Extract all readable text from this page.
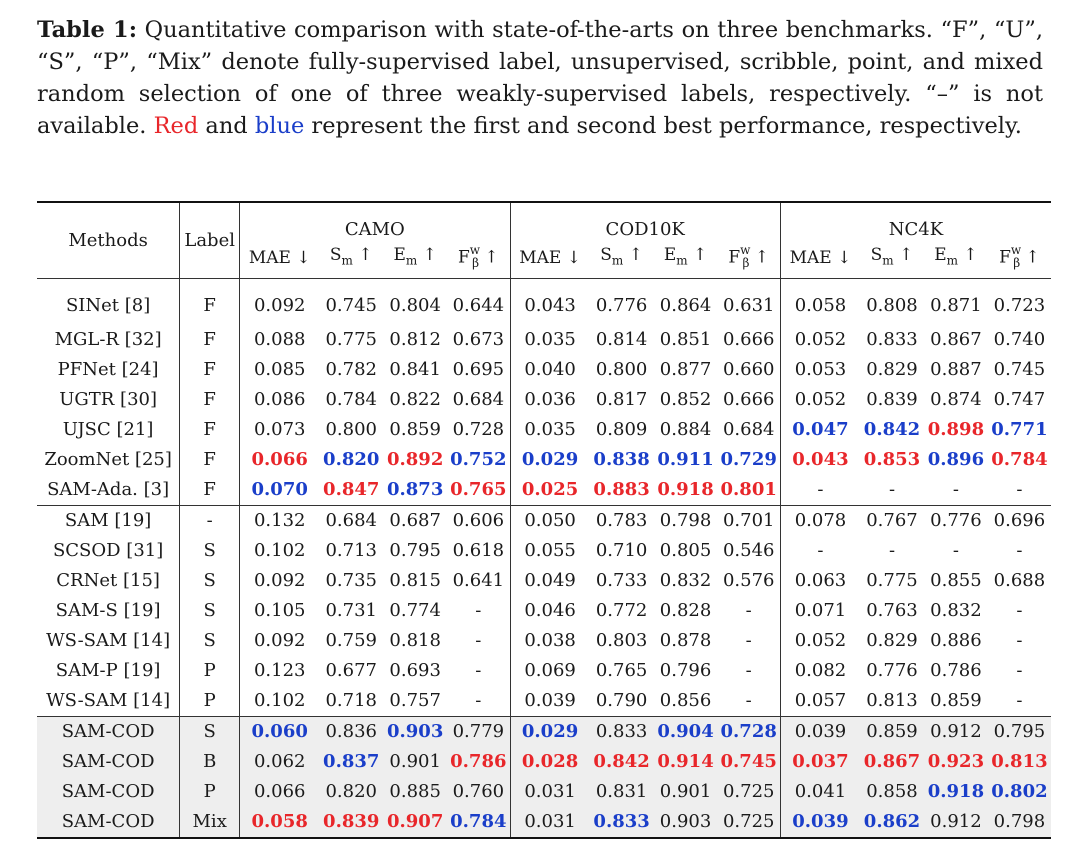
Table 1: Quantitative comparison with state-of-the-arts on three benchmarks. “F”, “U”, “S”, “P”, “Mix” denote fully-supervised label, unsupervised, scribble, point, and mixed random selection of one of three weakly-supervised labels, respectively. “–” is not available. Red and blue represent the first and second best performance, respectively.
Methods	Label	CAMO				COD10K				NC4K			
		MAE ↓	$S_m$ ↑	$E_m$ ↑	$F^w_\beta$ ↑	MAE ↓	$S_m$ ↑	$E_m$ ↑	$F^w_\beta$ ↑	MAE ↓	$S_m$ ↑	$E_m$ ↑	$F^w_\beta$ ↑
SINet [8]	F	0.092	0.745	0.804	0.644	0.043	0.776	0.864	0.631	0.058	0.808	0.871	0.723
MGL-R [32]	F	0.088	0.775	0.812	0.673	0.035	0.814	0.851	0.666	0.052	0.833	0.867	0.740
PFNet [24]	F	0.085	0.782	0.841	0.695	0.040	0.800	0.877	0.660	0.053	0.829	0.887	0.745
UGTR [30]	F	0.086	0.784	0.822	0.684	0.036	0.817	0.852	0.666	0.052	0.839	0.874	0.747
UJSC [21]	F	0.073	0.800	0.859	0.728	0.035	0.809	0.884	0.684	0.047	0.842	0.898	0.771
ZoomNet [25]	F	0.066	0.820	0.892	0.752	0.029	0.838	0.911	0.729	0.043	0.853	0.896	0.784
SAM-Ada. [3]	F	0.070	0.847	0.873	0.765	0.025	0.883	0.918	0.801	-	-	-	-
SAM [19]	-	0.132	0.684	0.687	0.606	0.050	0.783	0.798	0.701	0.078	0.767	0.776	0.696
SCSOD [31]	S	0.102	0.713	0.795	0.618	0.055	0.710	0.805	0.546	-	-	-	-
CRNet [15]	S	0.092	0.735	0.815	0.641	0.049	0.733	0.832	0.576	0.063	0.775	0.855	0.688
SAM-S [19]	S	0.105	0.731	0.774	-	0.046	0.772	0.828	-	0.071	0.763	0.832	-
WS-SAM [14]	S	0.092	0.759	0.818	-	0.038	0.803	0.878	-	0.052	0.829	0.886	-
SAM-P [19]	P	0.123	0.677	0.693	-	0.069	0.765	0.796	-	0.082	0.776	0.786	-
WS-SAM [14]	P	0.102	0.718	0.757	-	0.039	0.790	0.856	-	0.057	0.813	0.859	-
SAM-COD	S	0.060	0.836	0.903	0.779	0.029	0.833	0.904	0.728	0.039	0.859	0.912	0.795
SAM-COD	B	0.062	0.837	0.901	0.786	0.028	0.842	0.914	0.745	0.037	0.867	0.923	0.813
SAM-COD	P	0.066	0.820	0.885	0.760	0.031	0.831	0.901	0.725	0.041	0.858	0.918	0.802
SAM-COD	Mix	0.058	0.839	0.907	0.784	0.031	0.833	0.903	0.725	0.039	0.862	0.912	0.798
